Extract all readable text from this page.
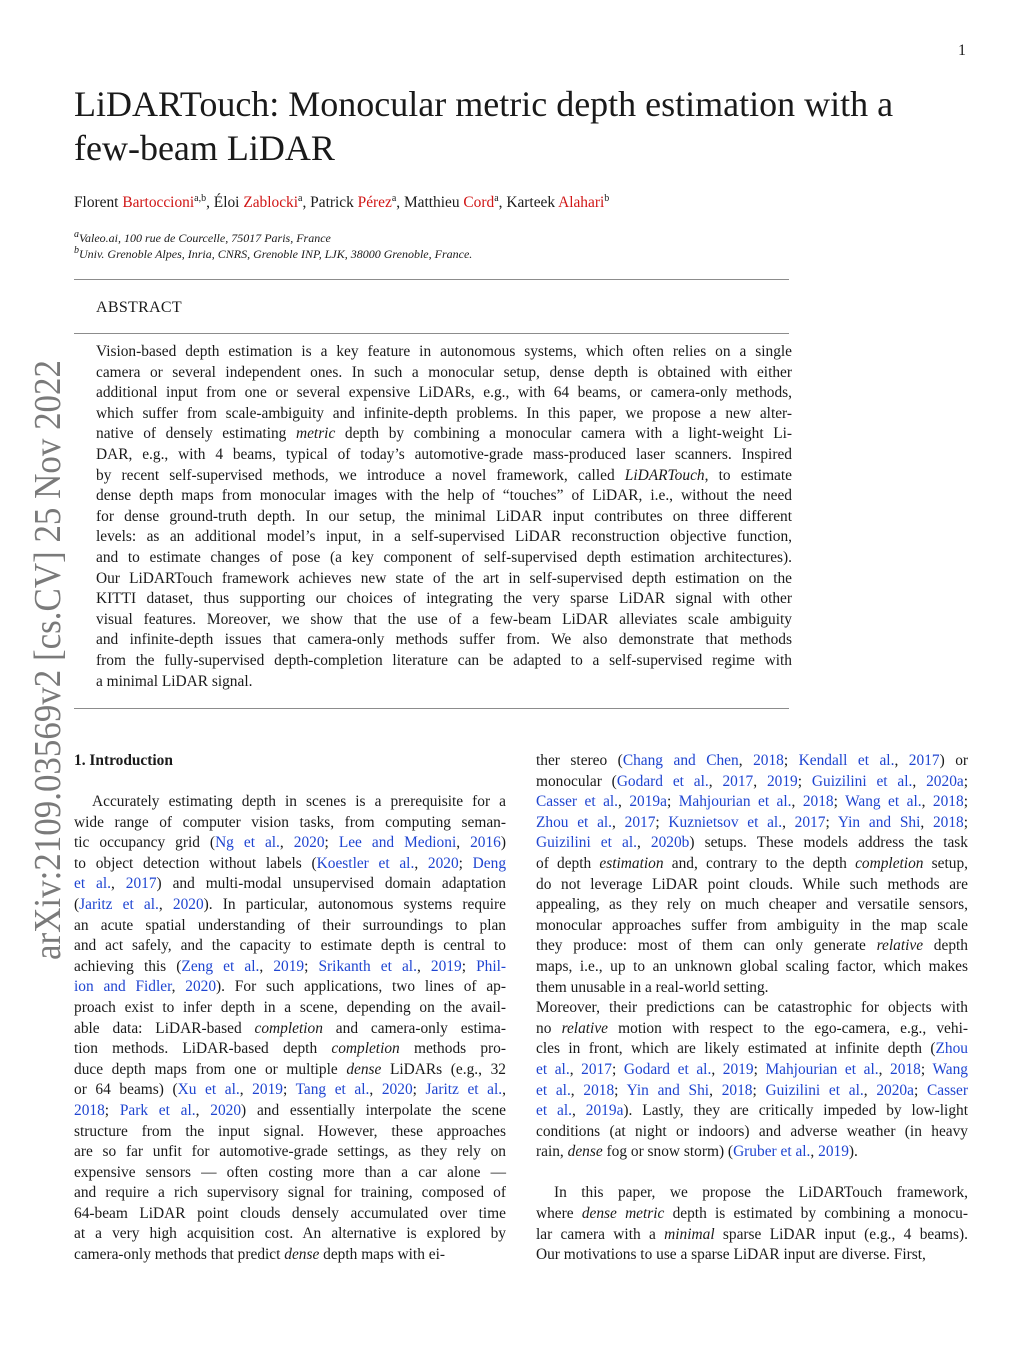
1
arXiv:2109.03569v2 [cs.CV] 25 Nov 2022
LiDARTouch: Monocular metric depth estimation with a few-beam LiDAR
Florent Bartoccioni$^{a,b}$, Éloi Zablocki$^a$, Patrick Pérez$^a$, Matthieu Cord$^a$, Karteek Alahari$^b$
$^a$Valeo.ai, 100 rue de Courcelle, 75017 Paris, France
$^b$Univ. Grenoble Alpes, Inria, CNRS, Grenoble INP, LJK, 38000 Grenoble, France.
ABSTRACT
Vision-based depth estimation is a key feature in autonomous systems, which often relies on a single
camera or several independent ones. In such a monocular setup, dense depth is obtained with either
additional input from one or several expensive LiDARs, e.g., with 64 beams, or camera-only methods,
which suffer from scale-ambiguity and infinite-depth problems. In this paper, we propose a new alter-
native of densely estimating metric depth by combining a monocular camera with a light-weight Li-
DAR, e.g., with 4 beams, typical of today’s automotive-grade mass-produced laser scanners. Inspired
by recent self-supervised methods, we introduce a novel framework, called LiDARTouch, to estimate
dense depth maps from monocular images with the help of “touches” of LiDAR, i.e., without the need
for dense ground-truth depth. In our setup, the minimal LiDAR input contributes on three different
levels: as an additional model’s input, in a self-supervised LiDAR reconstruction objective function,
and to estimate changes of pose (a key component of self-supervised depth estimation architectures).
Our LiDARTouch framework achieves new state of the art in self-supervised depth estimation on the
KITTI dataset, thus supporting our choices of integrating the very sparse LiDAR signal with other
visual features. Moreover, we show that the use of a few-beam LiDAR alleviates scale ambiguity
and infinite-depth issues that camera-only methods suffer from. We also demonstrate that methods
from the fully-supervised depth-completion literature can be adapted to a self-supervised regime with
a minimal LiDAR signal.
1. Introduction
Accurately estimating depth in scenes is a prerequisite for a
wide range of computer vision tasks, from computing seman-
tic occupancy grid (Ng et al., 2020; Lee and Medioni, 2016)
to object detection without labels (Koestler et al., 2020; Deng
et al., 2017) and multi-modal unsupervised domain adaptation
(Jaritz et al., 2020). In particular, autonomous systems require
an acute spatial understanding of their surroundings to plan
and act safely, and the capacity to estimate depth is central to
achieving this (Zeng et al., 2019; Srikanth et al., 2019; Phil-
ion and Fidler, 2020). For such applications, two lines of ap-
proach exist to infer depth in a scene, depending on the avail-
able data: LiDAR-based completion and camera-only estima-
tion methods. LiDAR-based depth completion methods pro-
duce depth maps from one or multiple dense LiDARs (e.g., 32
or 64 beams) (Xu et al., 2019; Tang et al., 2020; Jaritz et al.,
2018; Park et al., 2020) and essentially interpolate the scene
structure from the input signal. However, these approaches
are so far unfit for automotive-grade settings, as they rely on
expensive sensors — often costing more than a car alone —
and require a rich supervisory signal for training, composed of
64-beam LiDAR point clouds densely accumulated over time
at a very high acquisition cost. An alternative is explored by
camera-only methods that predict dense depth maps with ei-
ther stereo (Chang and Chen, 2018; Kendall et al., 2017) or
monocular (Godard et al., 2017, 2019; Guizilini et al., 2020a;
Casser et al., 2019a; Mahjourian et al., 2018; Wang et al., 2018;
Zhou et al., 2017; Kuznietsov et al., 2017; Yin and Shi, 2018;
Guizilini et al., 2020b) setups. These models address the task
of depth estimation and, contrary to the depth completion setup,
do not leverage LiDAR point clouds. While such methods are
appealing, as they rely on much cheaper and versatile sensors,
monocular approaches suffer from ambiguity in the map scale
they produce: most of them can only generate relative depth
maps, i.e., up to an unknown global scaling factor, which makes
them unusable in a real-world setting.
Moreover, their predictions can be catastrophic for objects with
no relative motion with respect to the ego-camera, e.g., vehi-
cles in front, which are likely estimated at infinite depth (Zhou
et al., 2017; Godard et al., 2019; Mahjourian et al., 2018; Wang
et al., 2018; Yin and Shi, 2018; Guizilini et al., 2020a; Casser
et al., 2019a). Lastly, they are critically impeded by low-light
conditions (at night or indoors) and adverse weather (in heavy
rain, dense fog or snow storm) (Gruber et al., 2019).
In this paper, we propose the LiDARTouch framework,
where dense metric depth is estimated by combining a monocu-
lar camera with a minimal sparse LiDAR input (e.g., 4 beams).
Our motivations to use a sparse LiDAR input are diverse. First,
